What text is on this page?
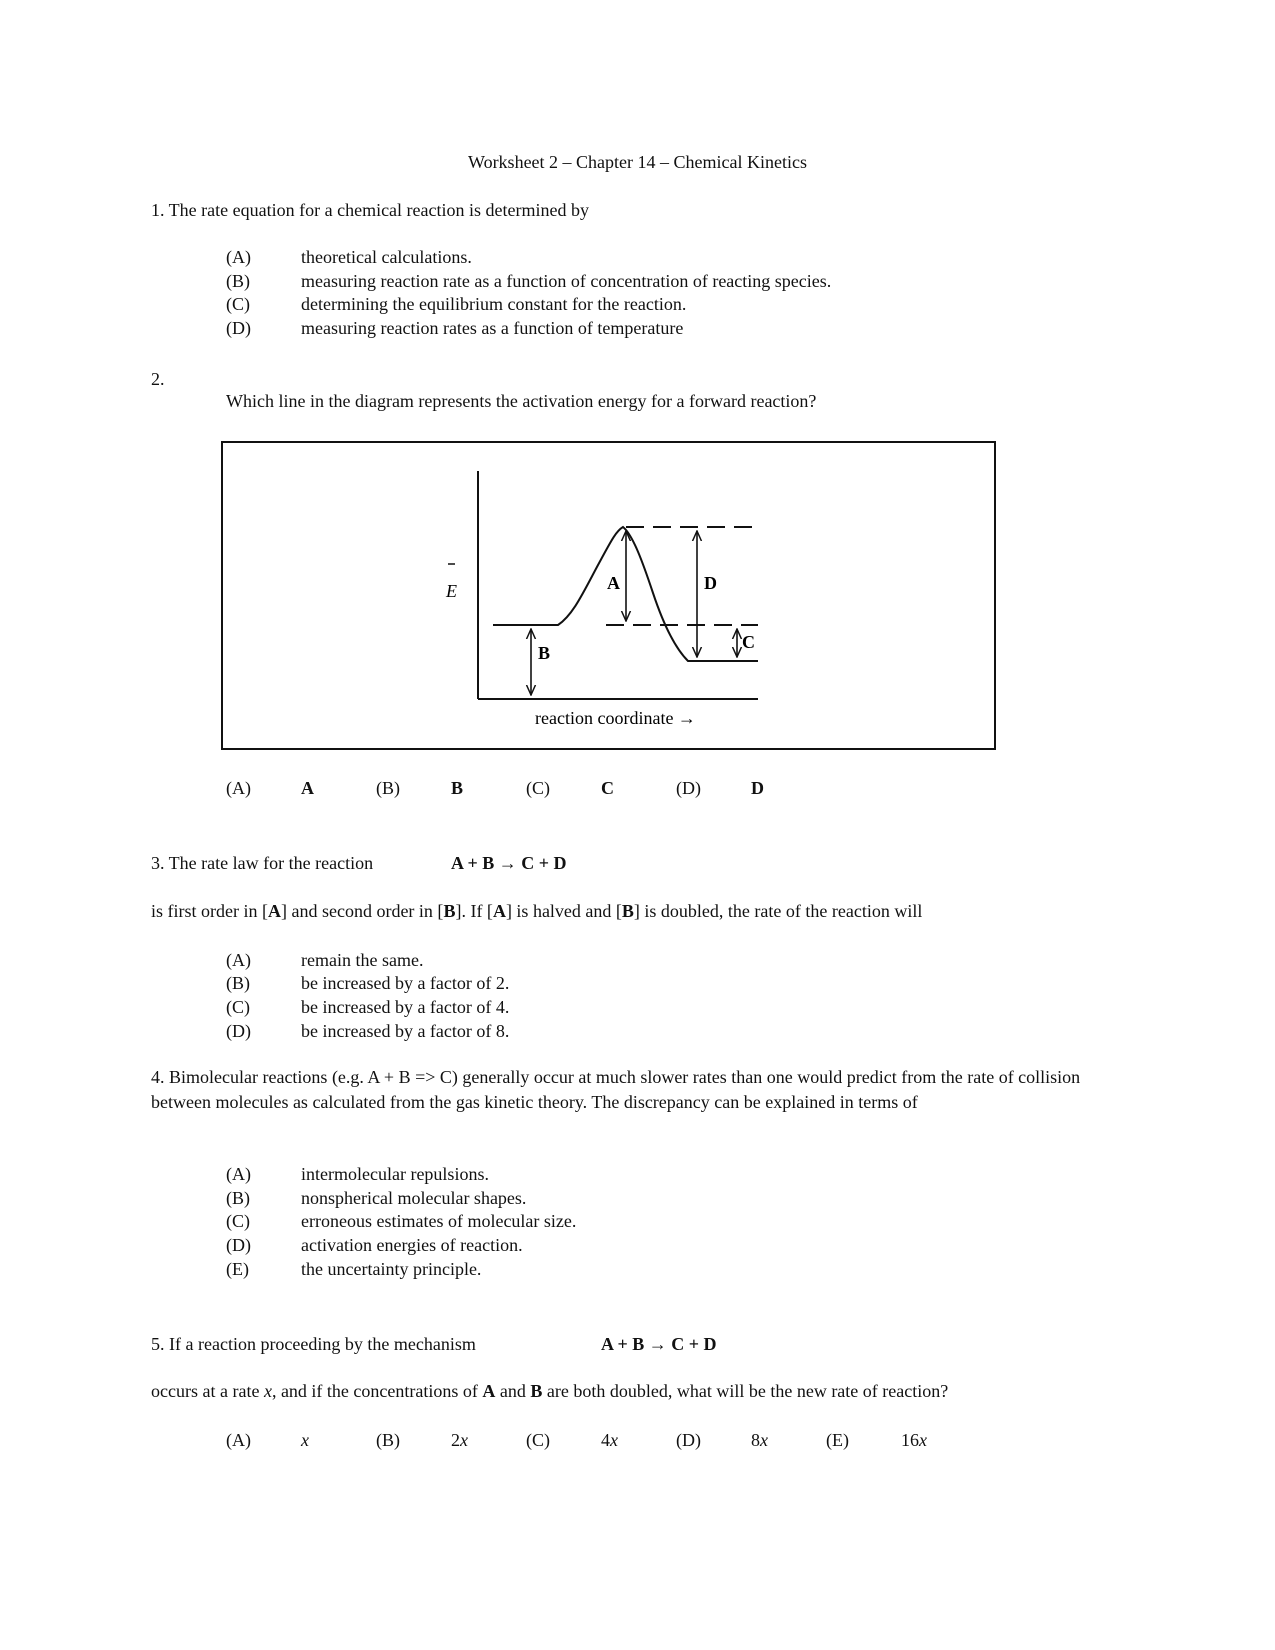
Worksheet 2 – Chapter 14 – Chemical Kinetics
1. The rate equation for a chemical reaction is determined by
(A)	theoretical calculations.
(B)	measuring reaction rate as a function of concentration of reacting species.
(C)	determining the equilibrium constant for the reaction.
(D)	measuring reaction rates as a function of temperature
2.
Which line in the diagram represents the activation energy for a forward reaction?
E
reaction coordinate →
A
B
C
D
(A)	A	(B)	B	(C)	C	(D)	D
3. The rate law for the reaction	A + B → C + D
is first order in [A] and second order in [B]. If [A] is halved and [B] is doubled, the rate of the reaction will
(A)	remain the same.
(B)	be increased by a factor of 2.
(C)	be increased by a factor of 4.
(D)	be increased by a factor of 8.
4. Bimolecular reactions (e.g. A + B => C) generally occur at much slower rates than one would predict from the rate of collision between molecules as calculated from the gas kinetic theory. The discrepancy can be explained in terms of
(A)	intermolecular repulsions.
(B)	nonspherical molecular shapes.
(C)	erroneous estimates of molecular size.
(D)	activation energies of reaction.
(E)	the uncertainty principle.
5. If a reaction proceeding by the mechanism	A + B → C + D
occurs at a rate x, and if the concentrations of A and B are both doubled, what will be the new rate of reaction?
(A)	x	(B)	2x	(C)	4x	(D)	8x	(E)	16x
